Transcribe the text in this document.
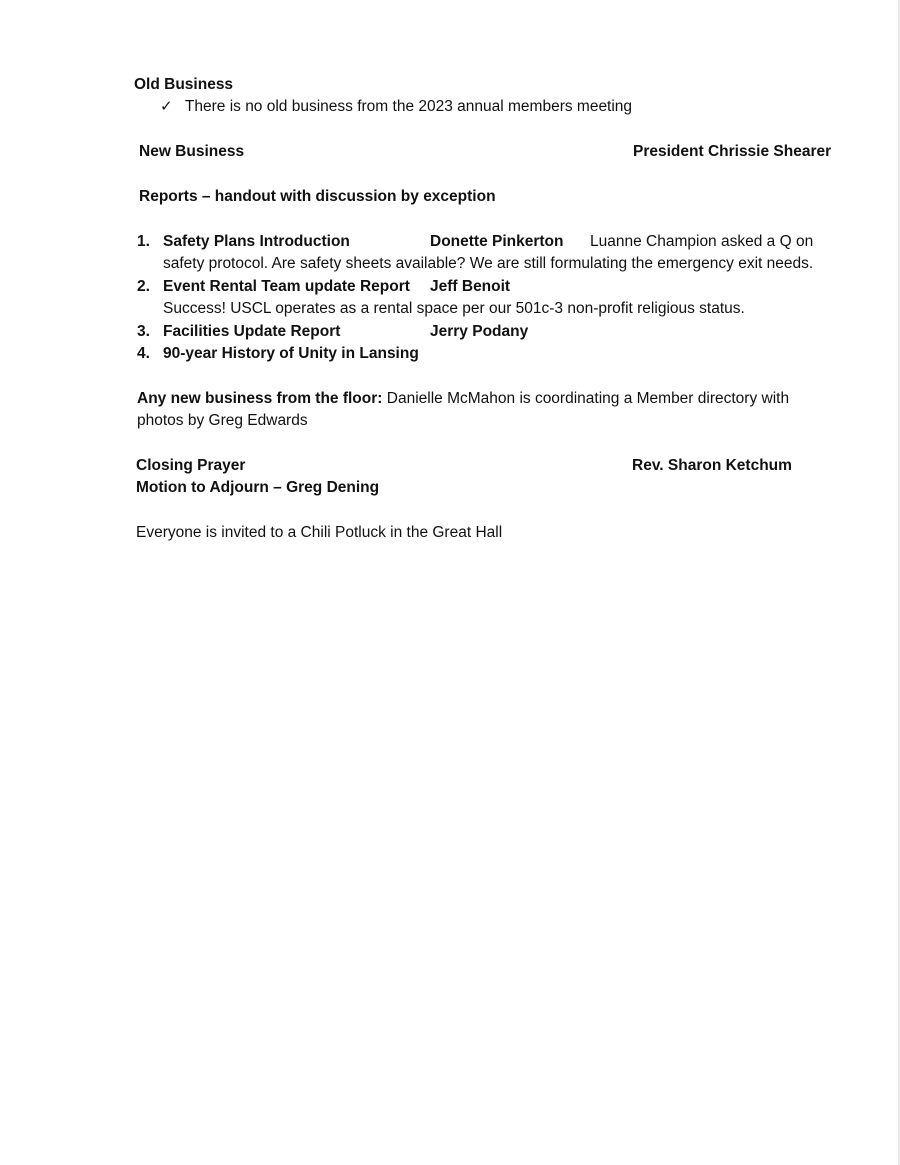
Old Business
✓ There is no old business from the 2023 annual members meeting
New Business	President Chrissie Shearer
Reports – handout with discussion by exception
1. Safety Plans Introduction	Donette Pinkerton Luanne Champion asked a Q on
safety protocol. Are safety sheets available? We are still formulating the emergency exit needs.
2. Event Rental Team update Report Jeff Benoit
Success! USCL operates as a rental space per our 501c-3 non-profit religious status.
3. Facilities Update Report	Jerry Podany
4. 90-year History of Unity in Lansing
Any new business from the floor: Danielle McMahon is coordinating a Member directory with
photos by Greg Edwards
Closing Prayer	Rev. Sharon Ketchum
Motion to Adjourn – Greg Dening
Everyone is invited to a Chili Potluck in the Great Hall
